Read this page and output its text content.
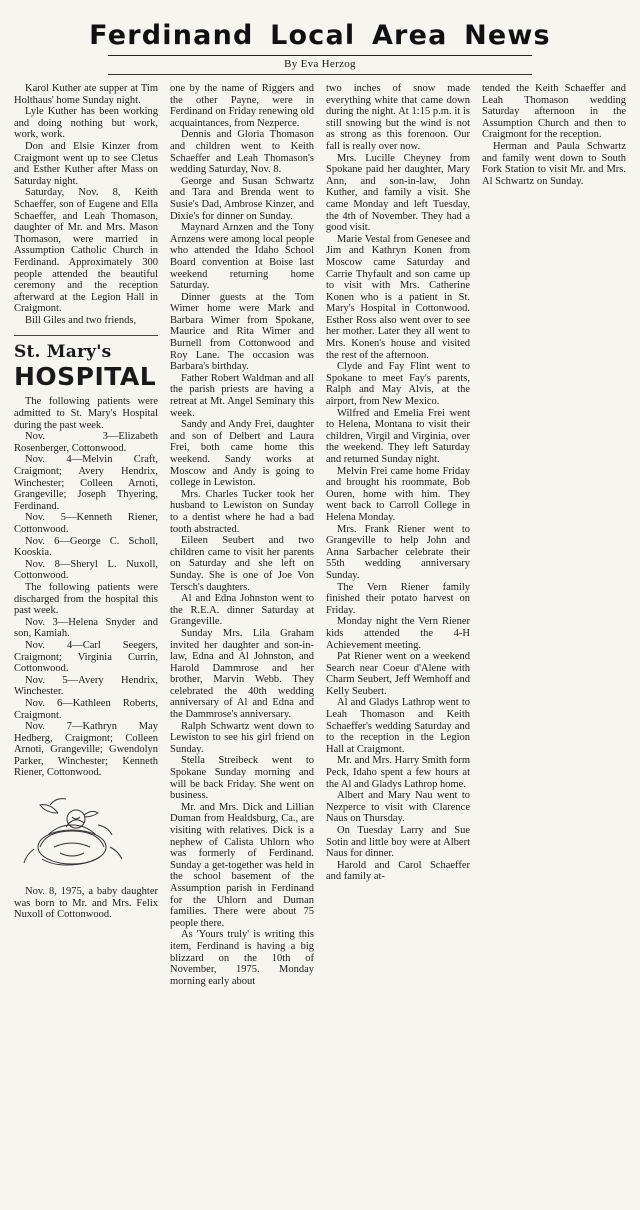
Ferdinand Local Area News
By Eva Herzog

Karol Kuther ate supper at Tim Holthaus' home Sunday night.

Lyle Kuther has been working and doing nothing but work, work, work.

Don and Elsie Kinzer from Craigmont went up to see Cletus and Esther Kuther after Mass on Saturday night.

Saturday, Nov. 8, Keith Schaeffer, son of Eugene and Ella Schaeffer, and Leah Thomason, daughter of Mr. and Mrs. Mason Thomason, were married in Assumption Catholic Church in Ferdinand. Approximately 300 people attended the beautiful ceremony and the reception afterward at the Legion Hall in Craigmont.

Bill Giles and two friends,

St. Mary's
HOSPITAL

The following patients were admitted to St. Mary's Hospital during the past week.

Nov. 3—Elizabeth Rosenberger, Cottonwood.

Nov. 4—Melvin Craft, Craigmont; Avery Hendrix, Winchester; Colleen Arnoti, Grangeville; Joseph Thyering, Ferdinand.

Nov. 5—Kenneth Riener, Cottonwood.

Nov. 6—George C. Scholl, Kooskia.

Nov. 8—Sheryl L. Nuxoll, Cottonwood.

The following patients were discharged from the hospital this past week.

Nov. 3—Helena Snyder and son, Kamiah.

Nov. 4—Carl Seegers, Craigmont; Virginia Currin, Cottonwood.

Nov. 5—Avery Hendrix, Winchester.

Nov. 6—Kathleen Roberts, Craigmont.

Nov. 7—Kathryn May Hedberg, Craigmont; Colleen Arnoti, Grangeville; Gwendolyn Parker, Winchester; Kenneth Riener, Cottonwood.

Nov. 8, 1975, a baby daughter was born to Mr. and Mrs. Felix Nuxoll of Cottonwood.

one by the name of Riggers and the other Payne, were in Ferdinand on Friday renewing old acquaintances, from Nezperce.

Dennis and Gloria Thomason and children went to Keith Schaeffer and Leah Thomason's wedding Saturday, Nov. 8.

George and Susan Schwartz and Tara and Brenda went to Susie's Dad, Ambrose Kinzer, and Dixie's for dinner on Sunday.

Maynard Arnzen and the Tony Arnzens were among local people who attended the Idaho School Board convention at Boise last weekend returning home Saturday.

Dinner guests at the Tom Wimer home were Mark and Barbara Wimer from Spokane, Maurice and Rita Wimer and Burnell from Cottonwood and Roy Lane. The occasion was Barbara's birthday.

Father Robert Waldman and all the parish priests are having a retreat at Mt. Angel Seminary this week.

Sandy and Andy Frei, daughter and son of Delbert and Laura Frei, both came home this weekend. Sandy works at Moscow and Andy is going to college in Lewiston.

Mrs. Charles Tucker took her husband to Lewiston on Sunday to a dentist where he had a bad tooth abstracted.

Eileen Seubert and two children came to visit her parents on Saturday and she left on Sunday. She is one of Joe Von Tersch's daughters.

Al and Edna Johnston went to the R.E.A. dinner Saturday at Grangeville.

Sunday Mrs. Lila Graham invited her daughter and son-in-law, Edna and Al Johnston, and Harold Dammrose and her brother, Marvin Webb. They celebrated the 40th wedding anniversary of Al and Edna and the Dammrose's anniversary.

Ralph Schwartz went down to Lewiston to see his girl friend on Sunday.

Stella Streibeck went to Spokane Sunday morning and will be back Friday. She went on business.

Mr. and Mrs. Dick and Lillian Duman from Healdsburg, Ca., are visiting with relatives. Dick is a nephew of Calista Uhlorn who was formerly of Ferdinand. Sunday a get-together was held in the school basement of the Assumption parish in Ferdinand for the Uhlorn and Duman families. There were about 75 people there.

As 'Yours truly' is writing this item, Ferdinand is having a big blizzard on the 10th of November, 1975. Monday morning early about

two inches of snow made everything white that came down during the night. At 1:15 p.m. it is still snowing but the wind is not as strong as this forenoon. Our fall is really over now.

Mrs. Lucille Cheyney from Spokane paid her daughter, Mary Ann, and son-in-law, John Kuther, and family a visit. She came Monday and left Tuesday, the 4th of November. They had a good visit.

Marie Vestal from Genesee and Jim and Kathryn Konen from Moscow came Saturday and Carrie Thyfault and son came up to visit with Mrs. Catherine Konen who is a patient in St. Mary's Hospital in Cottonwood. Esther Ross also went over to see her mother. Later they all went to Mrs. Konen's house and visited the rest of the afternoon.

Clyde and Fay Flint went to Spokane to meet Fay's parents, Ralph and May Alvis, at the airport, from New Mexico.

Wilfred and Emelia Frei went to Helena, Montana to visit their children, Virgil and Virginia, over the weekend. They left Saturday and returned Sunday night.

Melvin Frei came home Friday and brought his roommate, Bob Ouren, home with him. They went back to Carroll College in Helena Monday.

Mrs. Frank Riener went to Grangeville to help John and Anna Sarbacher celebrate their 55th wedding anniversary Sunday.

The Vern Riener family finished their potato harvest on Friday.

Monday night the Vern Riener kids attended the 4-H Achievement meeting.

Pat Riener went on a weekend Search near Coeur d'Alene with Charm Seubert, Jeff Wemhoff and Kelly Seubert.

Al and Gladys Lathrop went to Leah Thomason and Keith Schaeffer's wedding Saturday and to the reception in the Legion Hall at Craigmont.

Mr. and Mrs. Harry Smith form Peck, Idaho spent a few hours at the Al and Gladys Lathrop home.

Albert and Mary Nau went to Nezperce to visit with Clarence Naus on Thursday.

On Tuesday Larry and Sue Sotin and little boy were at Albert Naus for dinner.

Harold and Carol Schaeffer and family at-

tended the Keith Schaeffer and Leah Thomason wedding Saturday afternoon in the Assumption Church and then to Craigmont for the reception.

Herman and Paula Schwartz and family went down to South Fork Station to visit Mr. and Mrs. Al Schwartz on Sunday.
